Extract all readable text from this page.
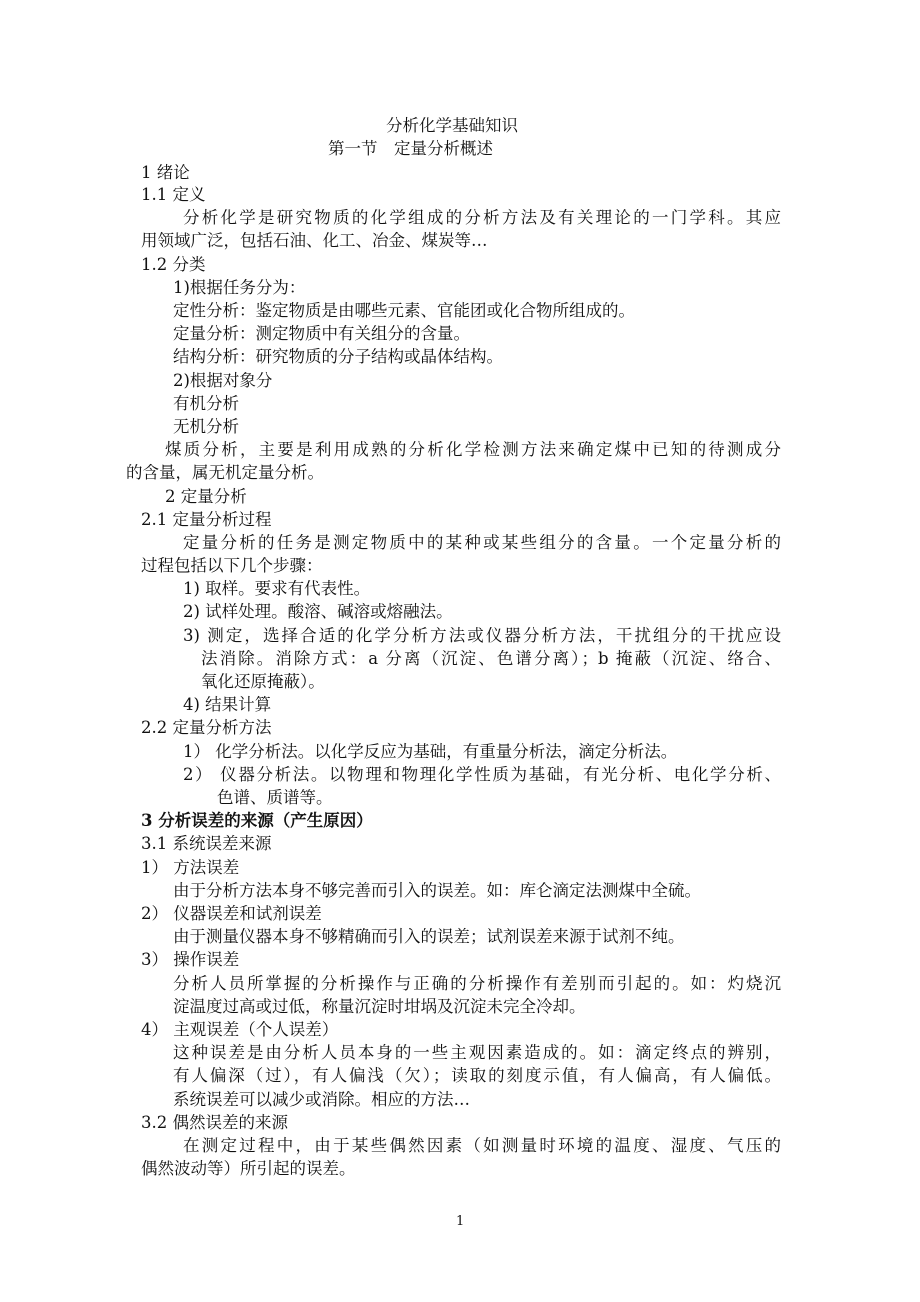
分析化学基础知识
第一节　定量分析概述
1 绪论
1.1 定义
分析化学是研究物质的化学组成的分析方法及有关理论的一门学科。其应
用领域广泛，包括石油、化工、冶金、煤炭等…
1.2 分类
1)根据任务分为：
定性分析：鉴定物质是由哪些元素、官能团或化合物所组成的。
定量分析：测定物质中有关组分的含量。
结构分析：研究物质的分子结构或晶体结构。
2)根据对象分
有机分析
无机分析
煤质分析，主要是利用成熟的分析化学检测方法来确定煤中已知的待测成分
的含量，属无机定量分析。
2 定量分析
2.1 定量分析过程
定量分析的任务是测定物质中的某种或某些组分的含量。一个定量分析的
过程包括以下几个步骤：
1) 取样。要求有代表性。
2) 试样处理。酸溶、碱溶或熔融法。
3) 测定，选择合适的化学分析方法或仪器分析方法，干扰组分的干扰应设
法消除。消除方式：a 分离（沉淀、色谱分离）；b 掩蔽（沉淀、络合、
氧化还原掩蔽）。
4) 结果计算
2.2 定量分析方法
1） 化学分析法。以化学反应为基础，有重量分析法，滴定分析法。
2） 仪器分析法。以物理和物理化学性质为基础，有光分析、电化学分析、
色谱、质谱等。
3 分析误差的来源（产生原因）
3.1 系统误差来源
1） 方法误差
由于分析方法本身不够完善而引入的误差。如：库仑滴定法测煤中全硫。
2） 仪器误差和试剂误差
由于测量仪器本身不够精确而引入的误差；试剂误差来源于试剂不纯。
3） 操作误差
分析人员所掌握的分析操作与正确的分析操作有差别而引起的。如：灼烧沉
淀温度过高或过低，称量沉淀时坩埚及沉淀未完全冷却。
4） 主观误差（个人误差）
这种误差是由分析人员本身的一些主观因素造成的。如：滴定终点的辨别，
有人偏深（过），有人偏浅（欠）；读取的刻度示值，有人偏高，有人偏低。
系统误差可以减少或消除。相应的方法…
3.2 偶然误差的来源
在测定过程中，由于某些偶然因素（如测量时环境的温度、湿度、气压的
偶然波动等）所引起的误差。
1
